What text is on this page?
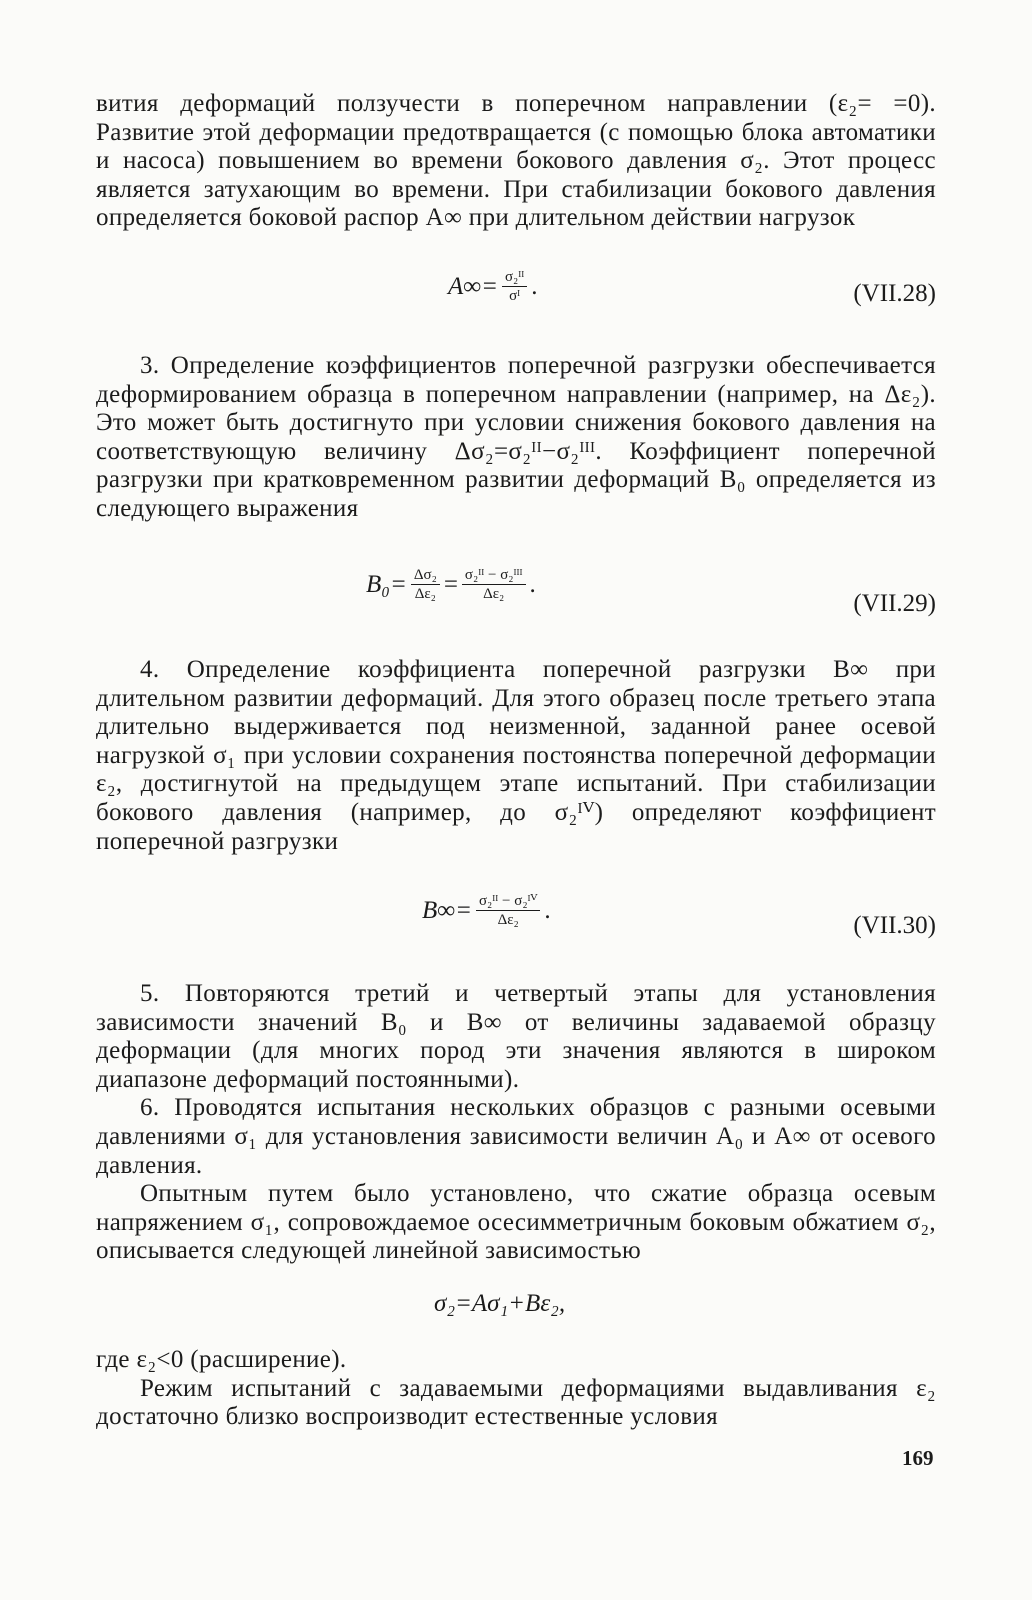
вития деформаций ползучести в поперечном направлении (ε₂= =0). Развитие этой деформации предотвращается (с помощью блока автоматики и насоса) повышением во времени бокового давления σ₂. Этот процесс является затухающим во времени. При стабилизации бокового давления определяется боковой распор A∞ при длительном действии нагрузок

$A\infty= \frac{\text{σ₂ᴵᴵ}}{\text{σᴵ}}$ .	(VII.28)

3. Определение коэффициентов поперечной разгрузки обеспечивается деформированием образца в поперечном направлении (например, на Δε₂). Это может быть достигнуто при условии снижения бокового давления на соответствующую величину Δσ₂=σ₂ᴵᴵ−σ₂ᴵᴵᴵ. Коэффициент поперечной разгрузки при кратковременном развитии деформаций B₀ определяется из следующего выражения

$B_0= \frac{\text{Δσ₂}}{\text{Δε₂}} = \frac{\text{σ₂ᴵᴵ − σ₂ᴵᴵᴵ}}{\text{Δε₂}}$ .
(VII.29)

4. Определение коэффициента поперечной разгрузки B∞ при длительном развитии деформаций. Для этого образец после третьего этапа длительно выдерживается под неизменной, заданной ранее осевой нагрузкой σ₁ при условии сохранения постоянства поперечной деформации ε₂, достигнутой на предыдущем этапе испытаний. При стабилизации бокового давления (например, до σ₂ᴵⱽ) определяют коэффициент поперечной разгрузки

$B\infty= \frac{\text{σ₂ᴵᴵ − σ₂ᴵⱽ}}{\text{Δε₂}}$ .
(VII.30)

5. Повторяются третий и четвертый этапы для установления зависимости значений B₀ и B∞ от величины задаваемой образцу деформации (для многих пород эти значения являются в широком диапазоне деформаций постоянными).

6. Проводятся испытания нескольких образцов с разными осевыми давлениями σ₁ для установления зависимости величин A₀ и A∞ от осевого давления.

Опытным путем было установлено, что сжатие образца осевым напряжением σ₁, сопровождаемое осесимметричным боковым обжатием σ₂, описывается следующей линейной зависимостью

σ₂=Aσ₁+Bε₂,

где ε₂<0 (расширение).

Режим испытаний с задаваемыми деформациями выдавливания ε₂ достаточно близко воспроизводит естественные условия

169
